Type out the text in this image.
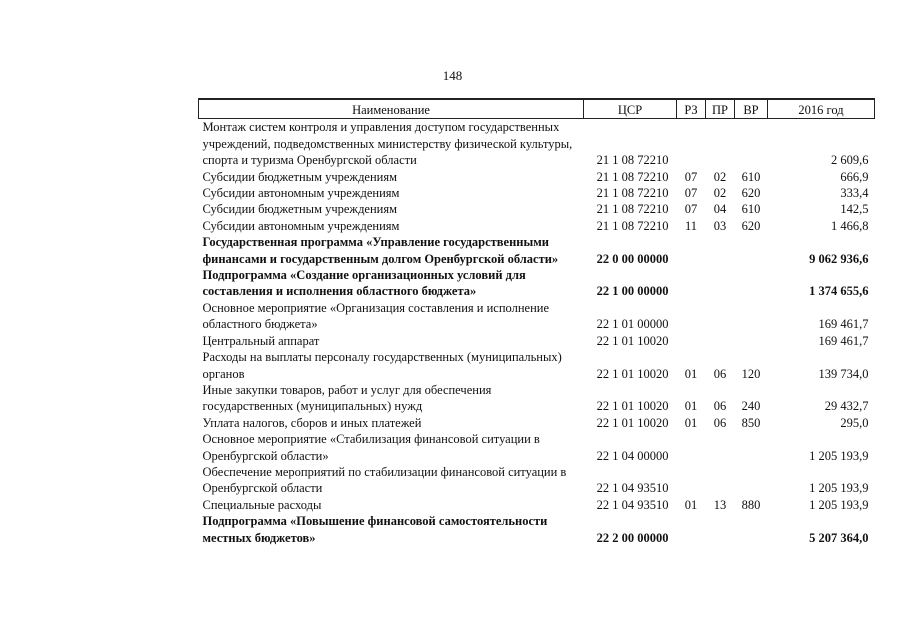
148
Наименование	ЦСР	РЗ	ПР	ВР	2016 год
Монтаж систем контроля и управления доступом государственных учреждений, подведомственных министерству физической культуры, спорта и туризма Оренбургской области	21 1 08 72210				2 609,6
Субсидии бюджетным учреждениям	21 1 08 72210	07	02	610	666,9
Субсидии автономным учреждениям	21 1 08 72210	07	02	620	333,4
Субсидии бюджетным учреждениям	21 1 08 72210	07	04	610	142,5
Субсидии автономным учреждениям	21 1 08 72210	11	03	620	1 466,8
Государственная программа «Управление государственными финансами и государственным долгом Оренбургской области»	22 0 00 00000				9 062 936,6
Подпрограмма «Создание организационных условий для составления и исполнения областного бюджета»	22 1 00 00000				1 374 655,6
Основное мероприятие «Организация составления и исполнение областного бюджета»	22 1 01 00000				169 461,7
Центральный аппарат	22 1 01 10020				169 461,7
Расходы на выплаты персоналу государственных (муниципальных) органов	22 1 01 10020	01	06	120	139 734,0
Иные закупки товаров, работ и услуг для обеспечения государственных (муниципальных) нужд	22 1 01 10020	01	06	240	29 432,7
Уплата налогов, сборов и иных платежей	22 1 01 10020	01	06	850	295,0
Основное мероприятие «Стабилизация финансовой ситуации в Оренбургской области»	22 1 04 00000				1 205 193,9
Обеспечение мероприятий по стабилизации финансовой ситуации в Оренбургской области	22 1 04 93510				1 205 193,9
Специальные расходы	22 1 04 93510	01	13	880	1 205 193,9
Подпрограмма «Повышение финансовой самостоятельности местных бюджетов»	22 2 00 00000				5 207 364,0
